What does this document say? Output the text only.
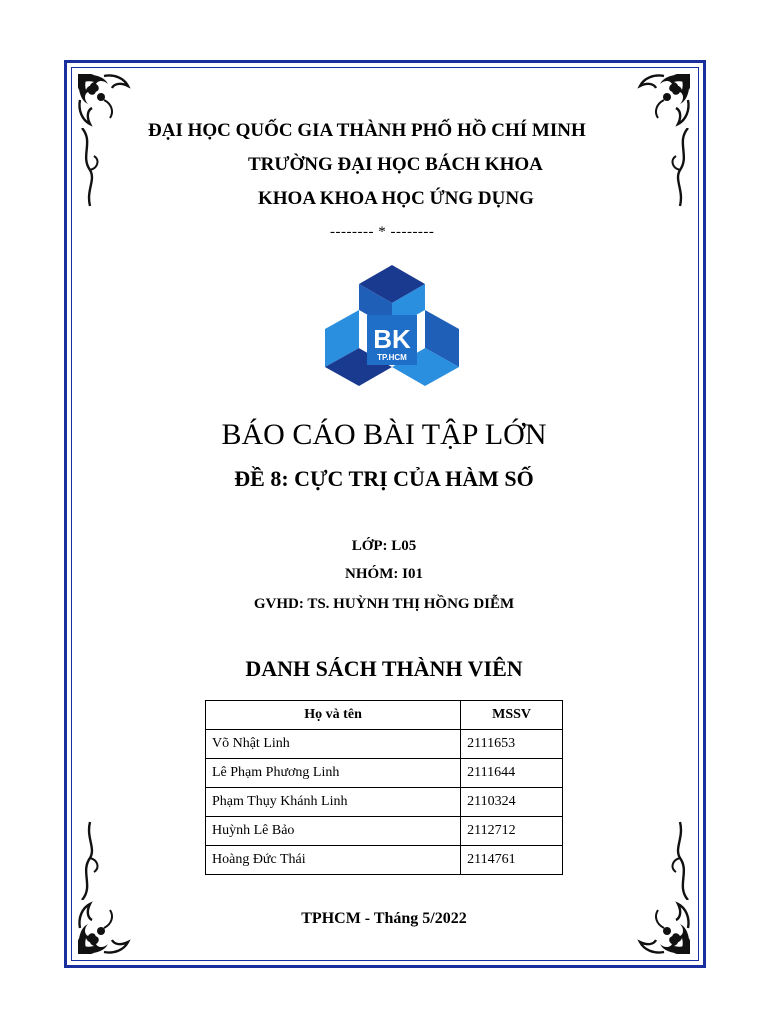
ĐẠI HỌC QUỐC GIA THÀNH PHỐ HỒ CHÍ MINH
TRƯỜNG ĐẠI HỌC BÁCH KHOA
KHOA KHOA HỌC ỨNG DỤNG
-------- * --------
BK
TP.HCM
BÁO CÁO BÀI TẬP LỚN
ĐỀ 8: CỰC TRỊ CỦA HÀM SỐ
LỚP: L05
NHÓM: I01
GVHD: TS. HUỲNH THỊ HỒNG DIỄM
DANH SÁCH THÀNH VIÊN
Họ và tên	MSSV
Võ Nhật Linh	2111653
Lê Phạm Phương Linh	2111644
Phạm Thụy Khánh Linh	2110324
Huỳnh Lê Bảo	2112712
Hoàng Đức Thái	2114761
TPHCM - Tháng 5/2022
